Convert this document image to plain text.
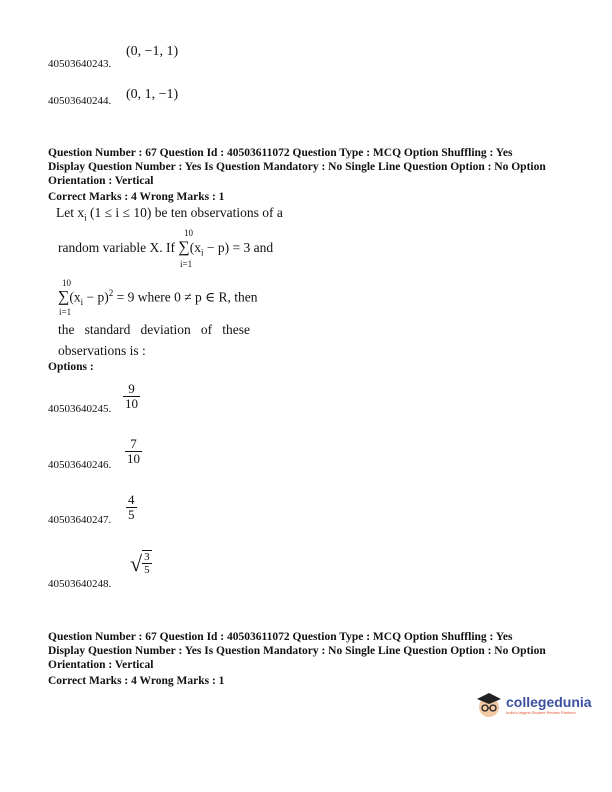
40503640243.
(0, −1, 1)
40503640244. (0, 1, −1)
Question Number : 67 Question Id : 40503611072 Question Type : MCQ Option Shuffling : Yes
Display Question Number : Yes Is Question Mandatory : No Single Line Question Option : No Option
Orientation : Vertical
Correct Marks : 4 Wrong Marks : 1
Let $x_i$ (1 ≤ i ≤ 10) be ten observations of a
10
random variable X. If $\sum(x_i - p) = 3$ and
i=1
10
$\sum(x_i - p)^2 = 9$ where 0 ≠ p ∈ R, then
i=1
the   standard   deviation   of   these
observations is :
Options :
40503640245. $\frac{9}{10}$
40503640246. $\frac{7}{10}$
40503640247. $\frac{4}{5}$
40503640248.
√ $\frac{3}{5}$
Question Number : 67 Question Id : 40503611072 Question Type : MCQ Option Shuffling : Yes
Display Question Number : Yes Is Question Mandatory : No Single Line Question Option : No Option
Orientation : Vertical
Correct Marks : 4 Wrong Marks : 1
collegedunia
India's largest Student Review Platform
